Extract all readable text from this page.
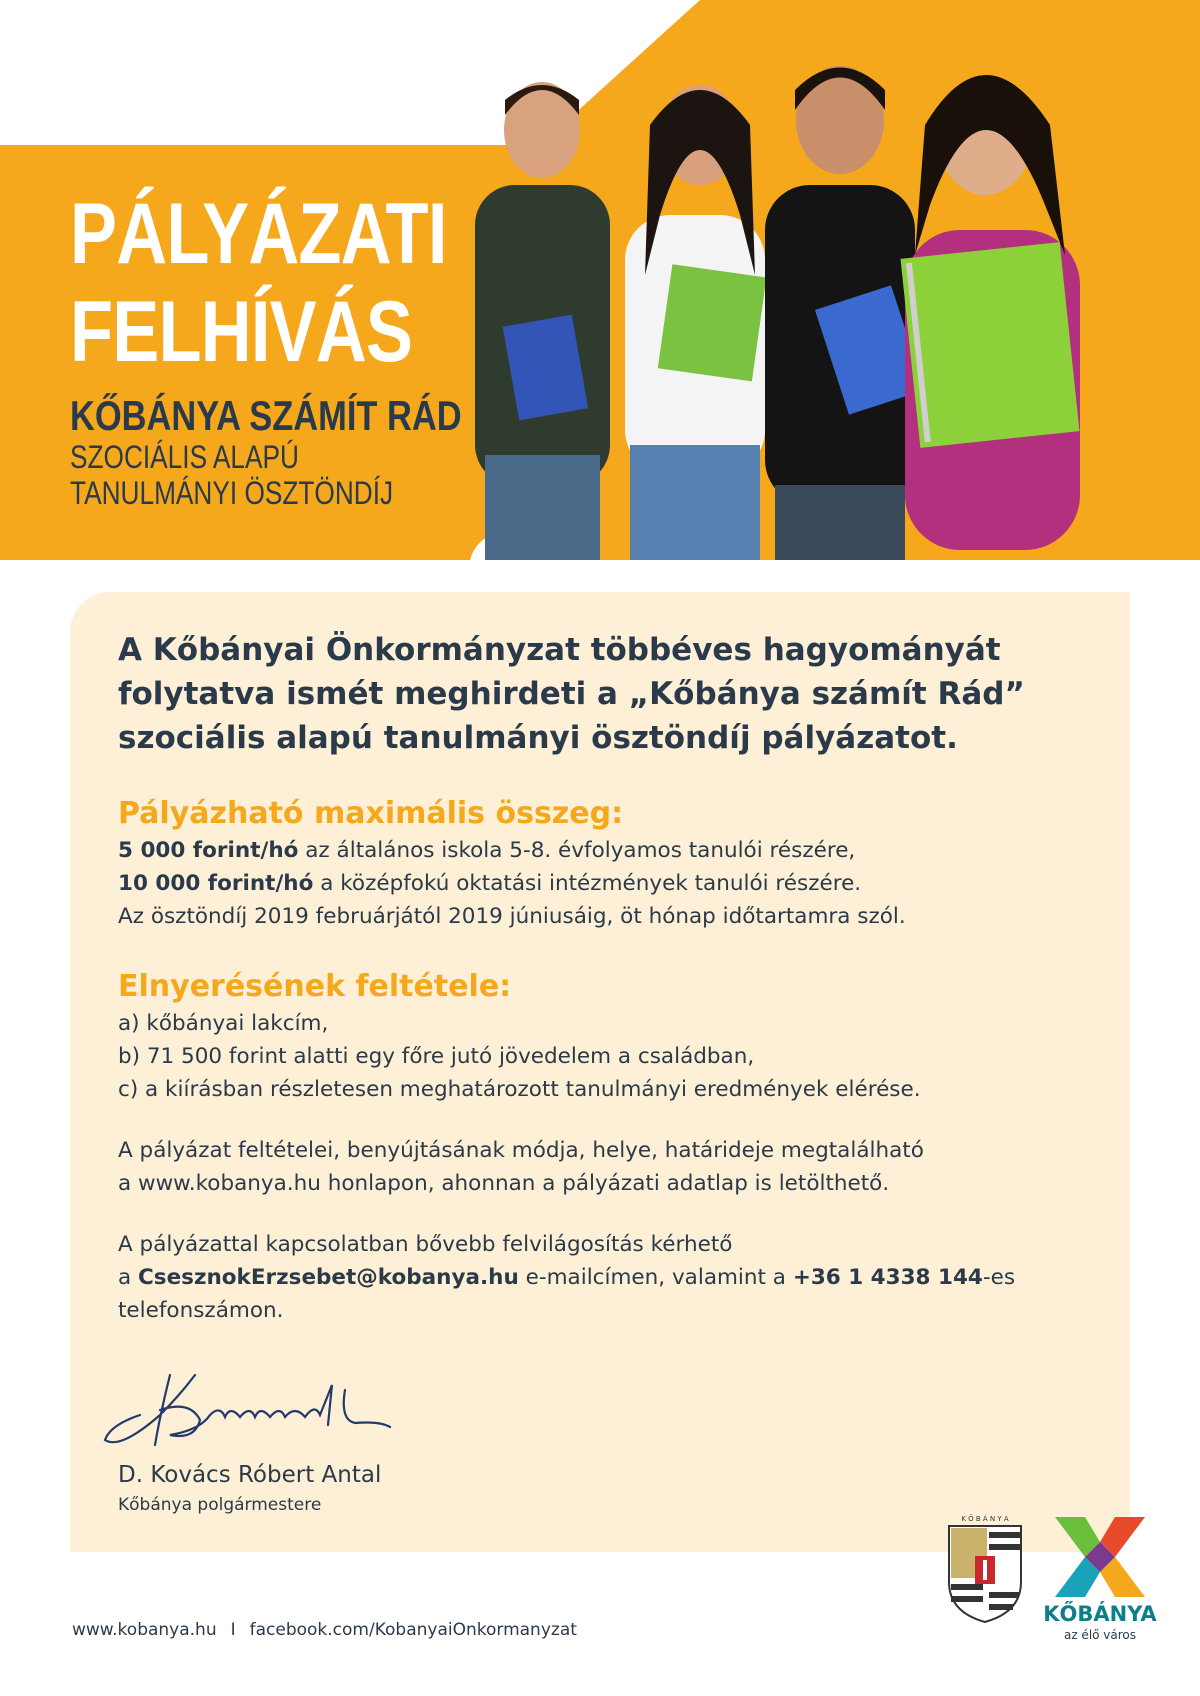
PÁLYÁZATI
FELHÍVÁS
KŐBÁNYA SZÁMÍT RÁD
SZOCIÁLIS ALAPÚ
TANULMÁNYI ÖSZTÖNDÍJ

A Kőbányai Önkormányzat többéves hagyományát
folytatva ismét meghirdeti a „Kőbánya számít Rád”
szociális alapú tanulmányi ösztöndíj pályázatot.

Pályázható maximális összeg:

5 000 forint/hó az általános iskola 5-8. évfolyamos tanulói részére,

10 000 forint/hó a középfokú oktatási intézmények tanulói részére.

Az ösztöndíj 2019 februárjától 2019 júniusáig, öt hónap időtartamra szól.

Elnyerésének feltétele:

a) kőbányai lakcím,

b) 71 500 forint alatti egy főre jutó jövedelem a családban,

c) a kiírásban részletesen meghatározott tanulmányi eredmények elérése.

A pályázat feltételei, benyújtásának módja, helye, határideje megtalálható

a www.kobanya.hu honlapon, ahonnan a pályázati adatlap is letölthető.

A pályázattal kapcsolatban bővebb felvilágosítás kérhető

a CsesznokErzsebet@kobanya.hu e-mailcímen, valamint a +36 1 4338 144-es

telefonszámon.

D. Kovács Róbert Antal
Kőbánya polgármestere
K Ő B Á N Y A
KŐBÁNYA
az élő város
www.kobanya.hu I facebook.com/KobanyaiOnkormanyzat
